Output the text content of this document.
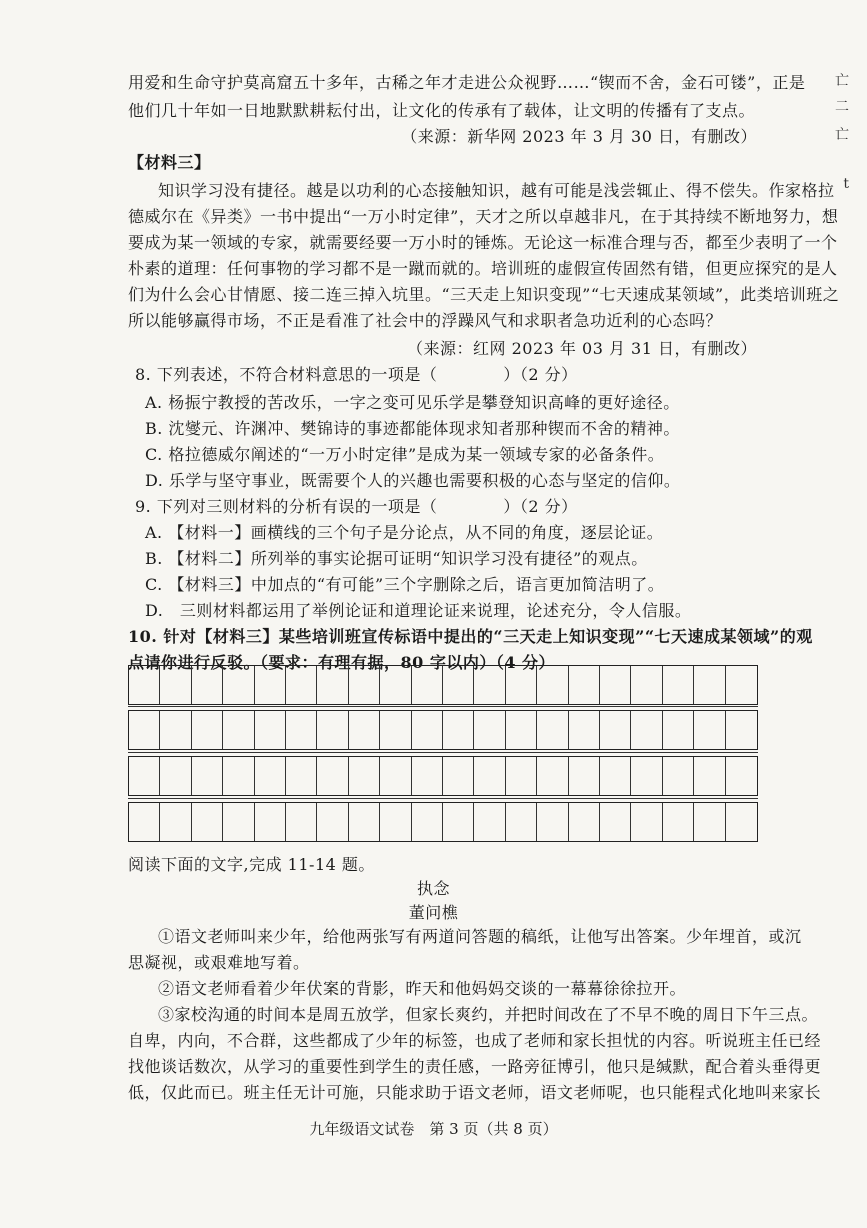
用爱和生命守护莫高窟五十多年，古稀之年才走进公众视野……“锲而不舍，金石可镂”，正是
他们几十年如一日地默默耕耘付出，让文化的传承有了载体，让文明的传播有了支点。
（来源：新华网 2023 年 3 月 30 日，有删改）
【材料三】
知识学习没有捷径。越是以功利的心态接触知识，越有可能是浅尝辄止、得不偿失。作家格拉
德威尔在《异类》一书中提出“一万小时定律”，天才之所以卓越非凡，在于其持续不断地努力，想
要成为某一领域的专家，就需要经要一万小时的锤炼。无论这一标准合理与否，都至少表明了一个
朴素的道理：任何事物的学习都不是一蹴而就的。培训班的虚假宣传固然有错，但更应探究的是人
们为什么会心甘情愿、接二连三掉入坑里。“三天走上知识变现”“七天速成某领域”，此类培训班之
所以能够赢得市场，不正是看准了社会中的浮躁风气和求职者急功近利的心态吗？
（来源：红网 2023 年 03 月 31 日，有删改）
8. 下列表述，不符合材料意思的一项是（　　　　）（2 分）
A. 杨振宁教授的苦改乐，一字之变可见乐学是攀登知识高峰的更好途径。
B. 沈燮元、许渊冲、樊锦诗的事迹都能体现求知者那种锲而不舍的精神。
C. 格拉德威尔阐述的“一万小时定律”是成为某一领域专家的必备条件。
D. 乐学与坚守事业，既需要个人的兴趣也需要积极的心态与坚定的信仰。
9. 下列对三则材料的分析有误的一项是（　　　　）（2 分）
A. 【材料一】画横线的三个句子是分论点，从不同的角度，逐层论证。
B. 【材料二】所列举的事实论据可证明“知识学习没有捷径”的观点。
C. 【材料三】中加点的“有可能”三个字删除之后，语言更加简洁明了。
D.　三则材料都运用了举例论证和道理论证来说理，论述充分，令人信服。
10. 针对【材料三】某些培训班宣传标语中提出的“三天走上知识变现”“七天速成某领域”的观
点请你进行反驳。（要求：有理有据，80 字以内）（4 分）
阅读下面的文字,完成 11-14 题。
执念
董问樵
①语文老师叫来少年，给他两张写有两道问答题的稿纸，让他写出答案。少年埋首，或沉
思凝视，或艰难地写着。
②语文老师看着少年伏案的背影，昨天和他妈妈交谈的一幕幕徐徐拉开。
③家校沟通的时间本是周五放学，但家长爽约，并把时间改在了不早不晚的周日下午三点。
自卑，内向，不合群，这些都成了少年的标签，也成了老师和家长担忧的内容。听说班主任已经
找他谈话数次，从学习的重要性到学生的责任感，一路旁征博引，他只是缄默，配合着头垂得更
低，仅此而已。班主任无计可施，只能求助于语文老师，语文老师呢，也只能程式化地叫来家长
九年级语文试卷　第 3 页（共 8 页）
亡
二
亡
t
